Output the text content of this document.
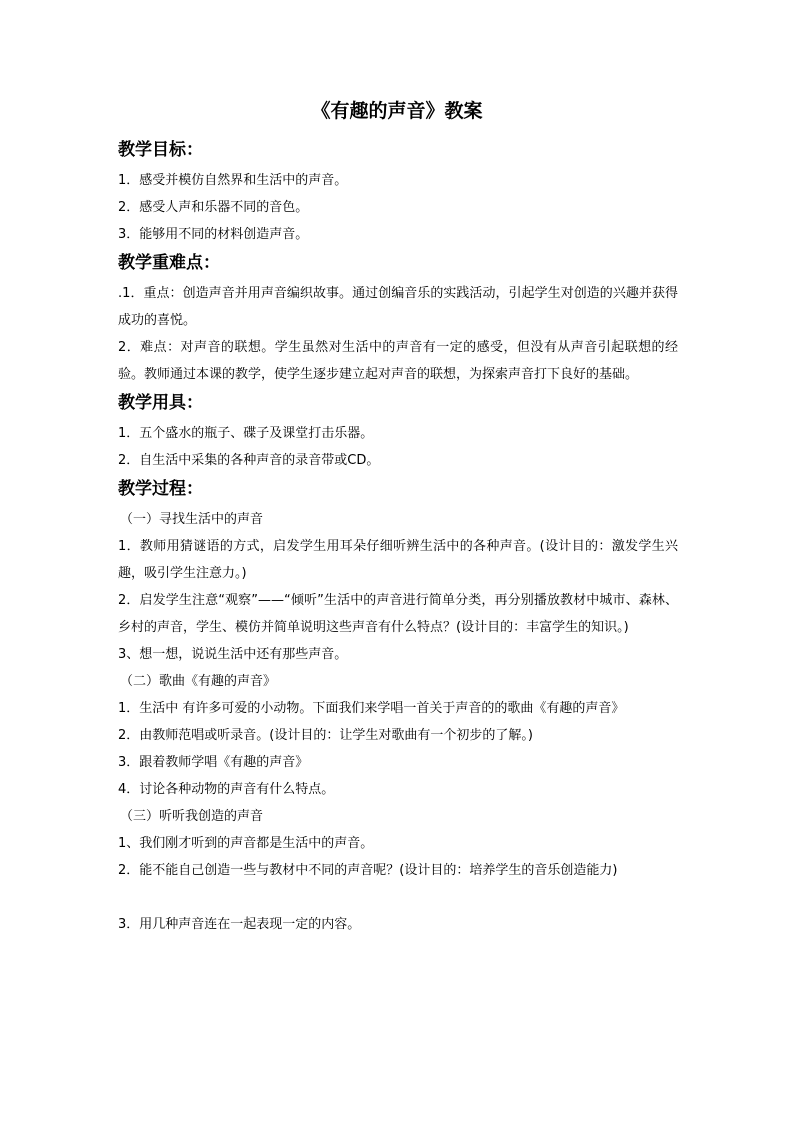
《有趣的声音》教案
教学目标：
1．感受并模仿自然界和生活中的声音。
2．感受人声和乐器不同的音色。
3．能够用不同的材料创造声音。
教学重难点：
.1．重点：创造声音并用声音编织故事。通过创编音乐的实践活动，引起学生对创造的兴趣并获得成功的喜悦。
2．难点：对声音的联想。学生虽然对生活中的声音有一定的感受，但没有从声音引起联想的经验。教师通过本课的教学，使学生逐步建立起对声音的联想，为探索声音打下良好的基础。
教学用具：
1．五个盛水的瓶子、碟子及课堂打击乐器。
2．自生活中采集的各种声音的录音带或CD。
教学过程：
（一）寻找生活中的声音
1．教师用猜谜语的方式，启发学生用耳朵仔细听辨生活中的各种声音。(设计目的：激发学生兴趣，吸引学生注意力。)
2．启发学生注意“观察”——“倾听”生活中的声音进行简单分类，再分别播放教材中城市、森林、乡村的声音，学生、模仿并简单说明这些声音有什么特点？(设计目的：丰富学生的知识。)
3、想一想，说说生活中还有那些声音。
（二）歌曲《有趣的声音》
1．生活中 有许多可爱的小动物。下面我们来学唱一首关于声音的的歌曲《有趣的声音》
2．由教师范唱或听录音。(设计目的：让学生对歌曲有一个初步的了解。)
3．跟着教师学唱《有趣的声音》
4．讨论各种动物的声音有什么特点。
（三）听听我创造的声音
1、我们刚才听到的声音都是生活中的声音。
2．能不能自己创造一些与教材中不同的声音呢？(设计目的：培养学生的音乐创造能力)
3．用几种声音连在一起表现一定的内容。
